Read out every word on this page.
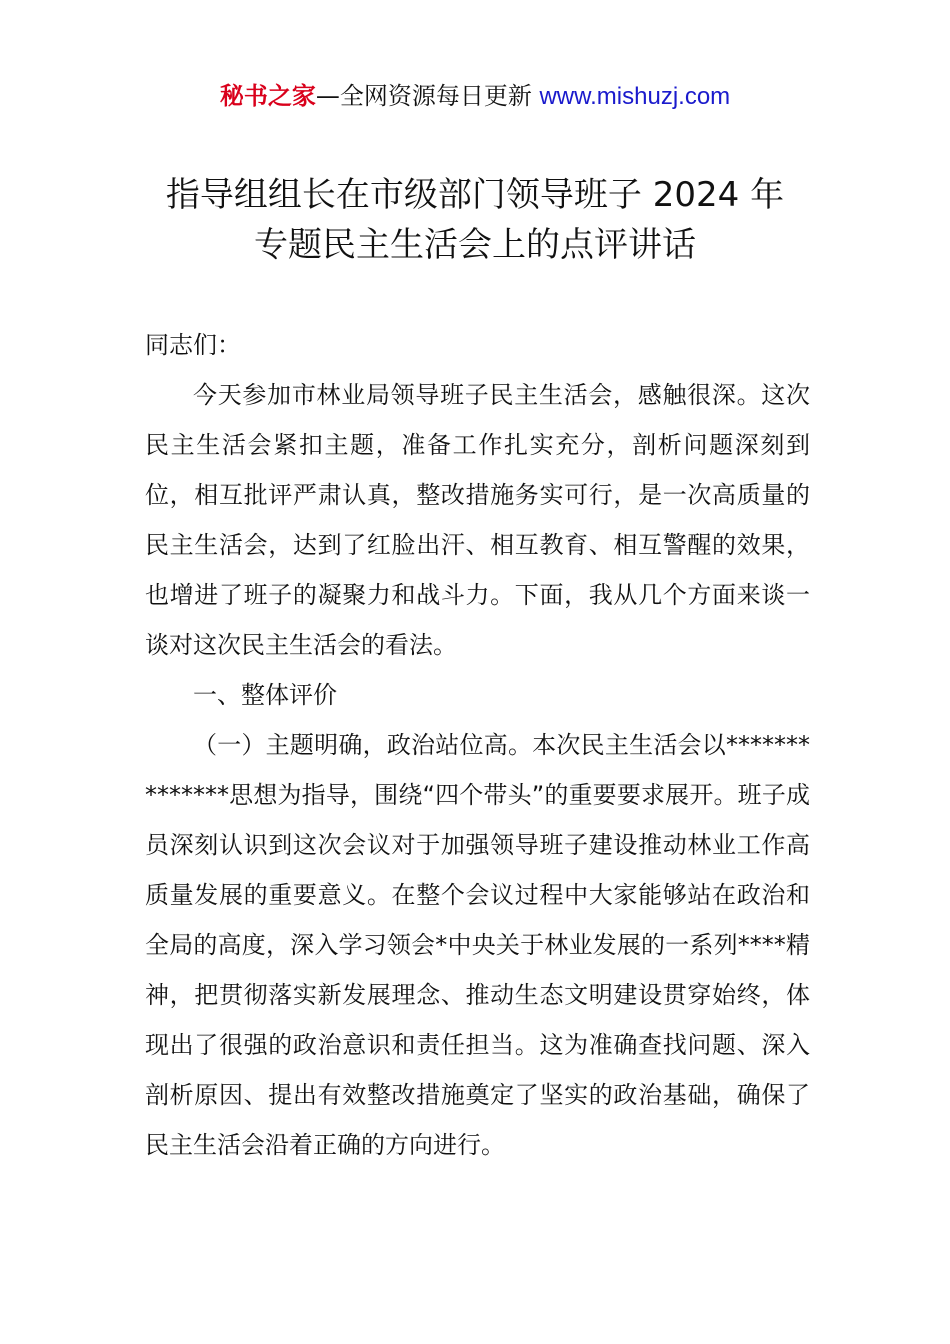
秘书之家—全网资源每日更新 www.mishuzj.com
指导组组长在市级部门领导班子 2024 年
专题民主生活会上的点评讲话

同志们：

今天参加市林业局领导班子民主生活会，感触很深。这次民主生活会紧扣主题，准备工作扎实充分，剖析问题深刻到位，相互批评严肃认真，整改措施务实可行，是一次高质量的民主生活会，达到了红脸出汗、相互教育、相互警醒的效果，也增进了班子的凝聚力和战斗力。下面，我从几个方面来谈一谈对这次民主生活会的看法。

一、整体评价

（一）主题明确，政治站位高。本次民主生活会以**************思想为指导，围绕“四个带头”的重要要求展开。班子成员深刻认识到这次会议对于加强领导班子建设推动林业工作高质量发展的重要意义。在整个会议过程中大家能够站在政治和全局的高度，深入学习领会*中央关于林业发展的一系列****精神，把贯彻落实新发展理念、推动生态文明建设贯穿始终，体现出了很强的政治意识和责任担当。这为准确查找问题、深入剖析原因、提出有效整改措施奠定了坚实的政治基础，确保了民主生活会沿着正确的方向进行。
